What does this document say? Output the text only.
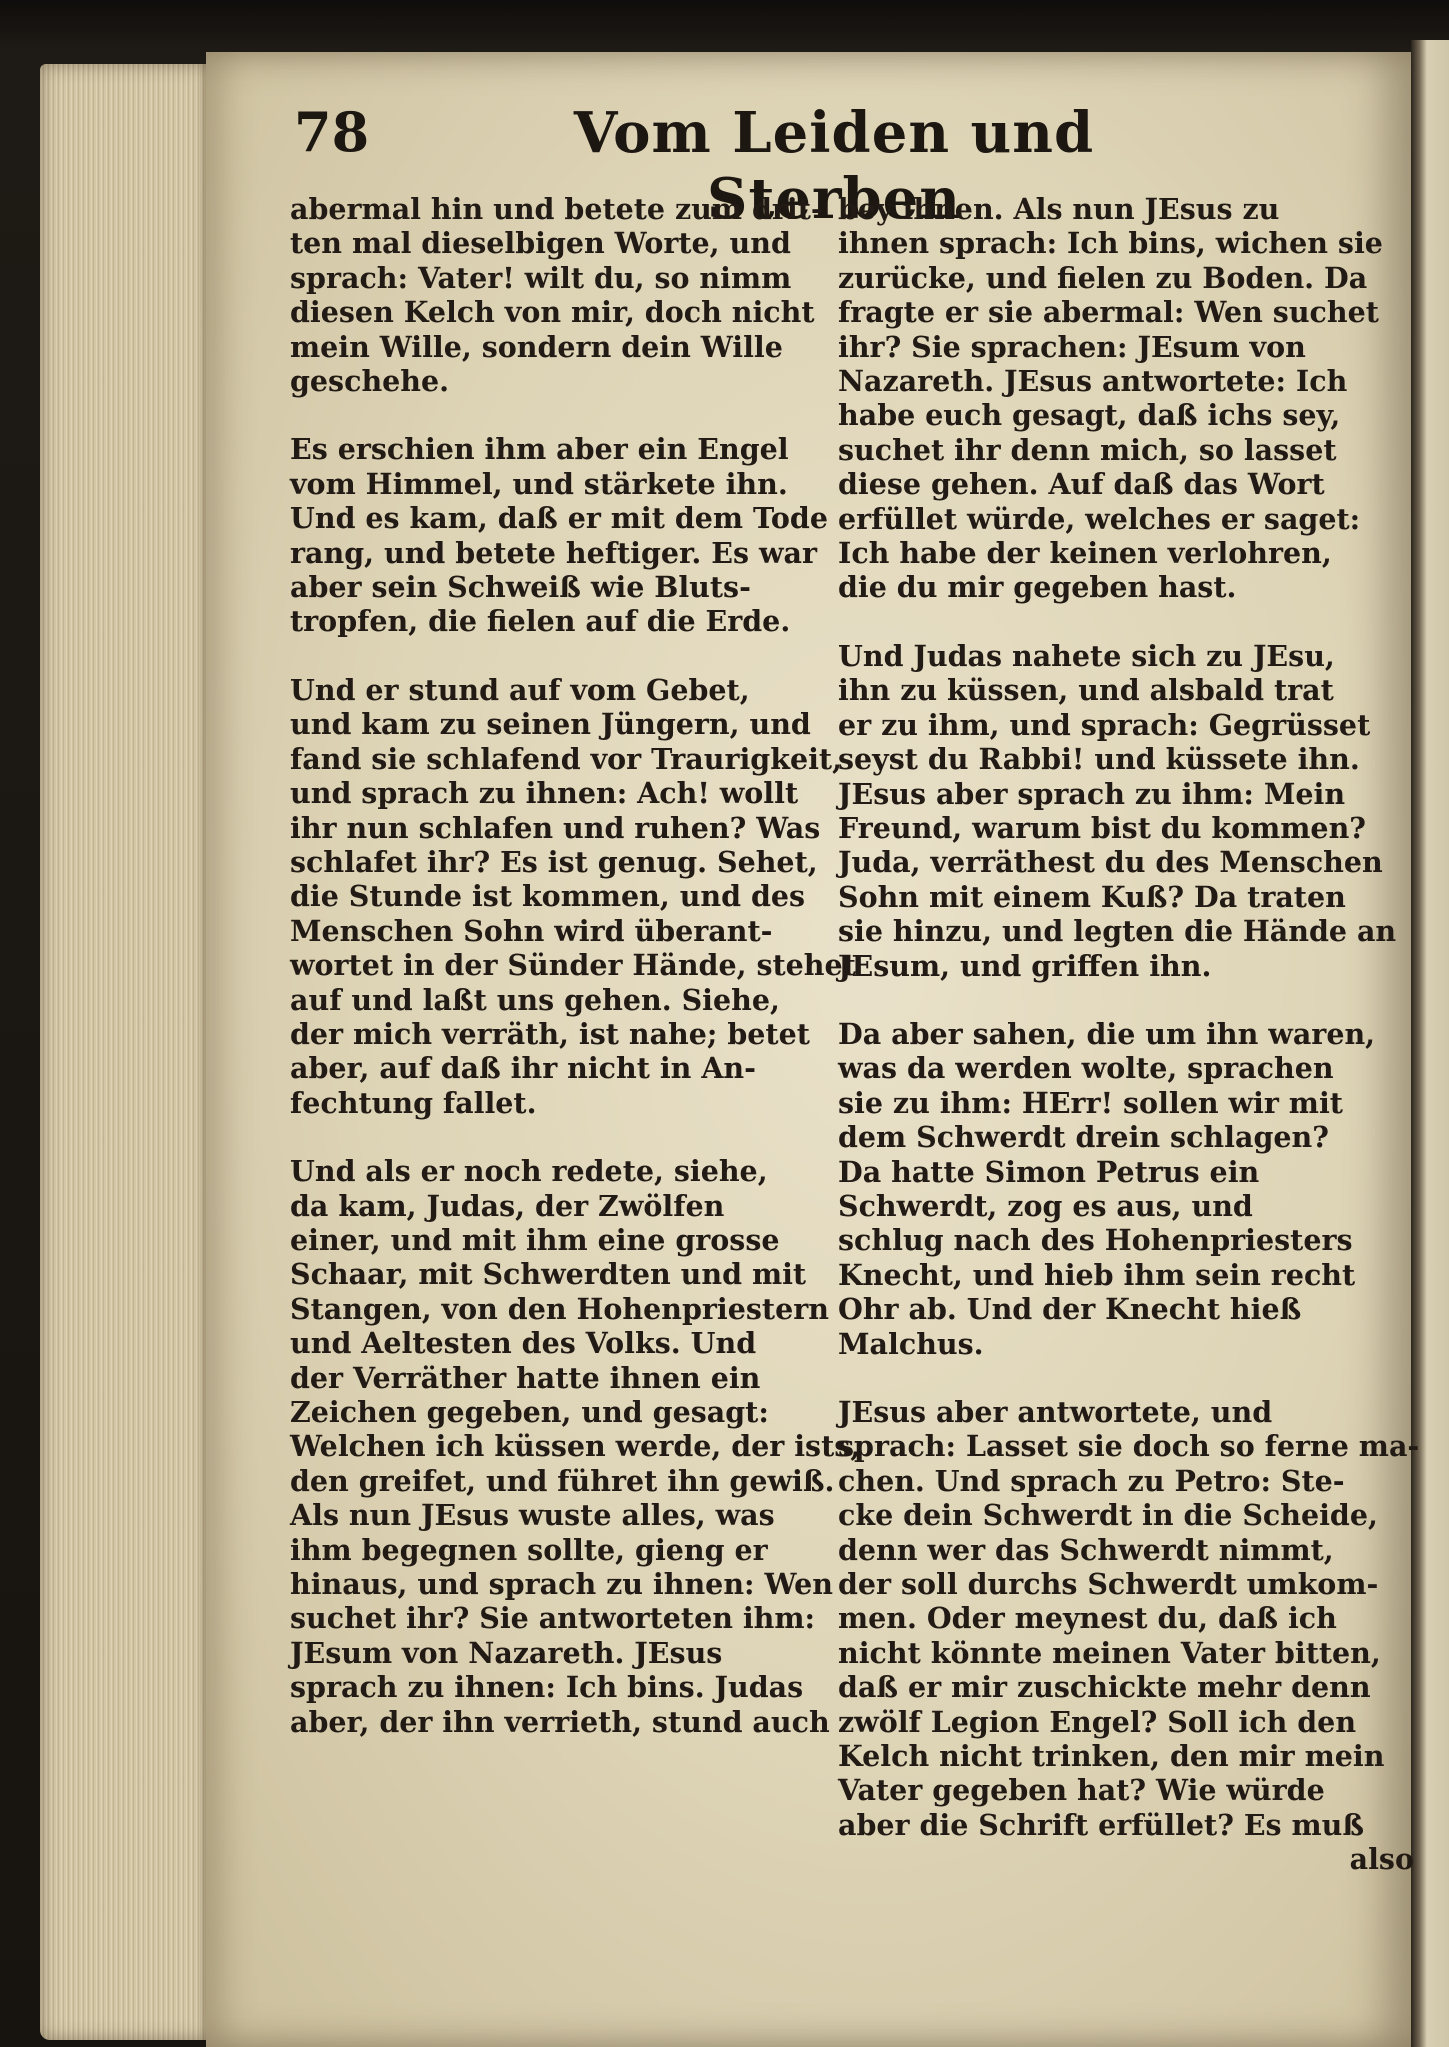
78	Vom Leiden und Sterben

abermal hin und betete zum drit-

ten mal dieselbigen Worte, und

sprach: Vater! wilt du, so nimm

diesen Kelch von mir, doch nicht

mein Wille, sondern dein Wille

geschehe.

Es erschien ihm aber ein Engel

vom Himmel, und stärkete ihn.

Und es kam, daß er mit dem Tode

rang, und betete heftiger. Es war

aber sein Schweiß wie Bluts-

tropfen, die fielen auf die Erde.

Und er stund auf vom Gebet,

und kam zu seinen Jüngern, und

fand sie schlafend vor Traurigkeit,

und sprach zu ihnen: Ach! wollt

ihr nun schlafen und ruhen? Was

schlafet ihr? Es ist genug. Sehet,

die Stunde ist kommen, und des

Menschen Sohn wird überant-

wortet in der Sünder Hände, stehet

auf und laßt uns gehen. Siehe,

der mich verräth, ist nahe; betet

aber, auf daß ihr nicht in An-

fechtung fallet.

Und als er noch redete, siehe,

da kam, Judas, der Zwölfen

einer, und mit ihm eine grosse

Schaar, mit Schwerdten und mit

Stangen, von den Hohenpriestern

und Aeltesten des Volks. Und

der Verräther hatte ihnen ein

Zeichen gegeben, und gesagt:

Welchen ich küssen werde, der ists,

den greifet, und führet ihn gewiß.

Als nun JEsus wuste alles, was

ihm begegnen sollte, gieng er

hinaus, und sprach zu ihnen: Wen

suchet ihr? Sie antworteten ihm:

JEsum von Nazareth. JEsus

sprach zu ihnen: Ich bins. Judas

aber, der ihn verrieth, stund auch

bey ihnen. Als nun JEsus zu

ihnen sprach: Ich bins, wichen sie

zurücke, und fielen zu Boden. Da

fragte er sie abermal: Wen suchet

ihr? Sie sprachen: JEsum von

Nazareth. JEsus antwortete: Ich

habe euch gesagt, daß ichs sey,

suchet ihr denn mich, so lasset

diese gehen. Auf daß das Wort

erfüllet würde, welches er saget:

Ich habe der keinen verlohren,

die du mir gegeben hast.

Und Judas nahete sich zu JEsu,

ihn zu küssen, und alsbald trat

er zu ihm, und sprach: Gegrüsset

seyst du Rabbi! und küssete ihn.

JEsus aber sprach zu ihm: Mein

Freund, warum bist du kommen?

Juda, verräthest du des Menschen

Sohn mit einem Kuß? Da traten

sie hinzu, und legten die Hände an

JEsum, und griffen ihn.

Da aber sahen, die um ihn waren,

was da werden wolte, sprachen

sie zu ihm: HErr! sollen wir mit

dem Schwerdt drein schlagen?

Da hatte Simon Petrus ein

Schwerdt, zog es aus, und

schlug nach des Hohenpriesters

Knecht, und hieb ihm sein recht

Ohr ab. Und der Knecht hieß

Malchus.

JEsus aber antwortete, und

sprach: Lasset sie doch so ferne ma-

chen. Und sprach zu Petro: Ste-

cke dein Schwerdt in die Scheide,

denn wer das Schwerdt nimmt,

der soll durchs Schwerdt umkom-

men. Oder meynest du, daß ich

nicht könnte meinen Vater bitten,

daß er mir zuschickte mehr denn

zwölf Legion Engel? Soll ich den

Kelch nicht trinken, den mir mein

Vater gegeben hat? Wie würde

aber die Schrift erfüllet? Es muß

also
